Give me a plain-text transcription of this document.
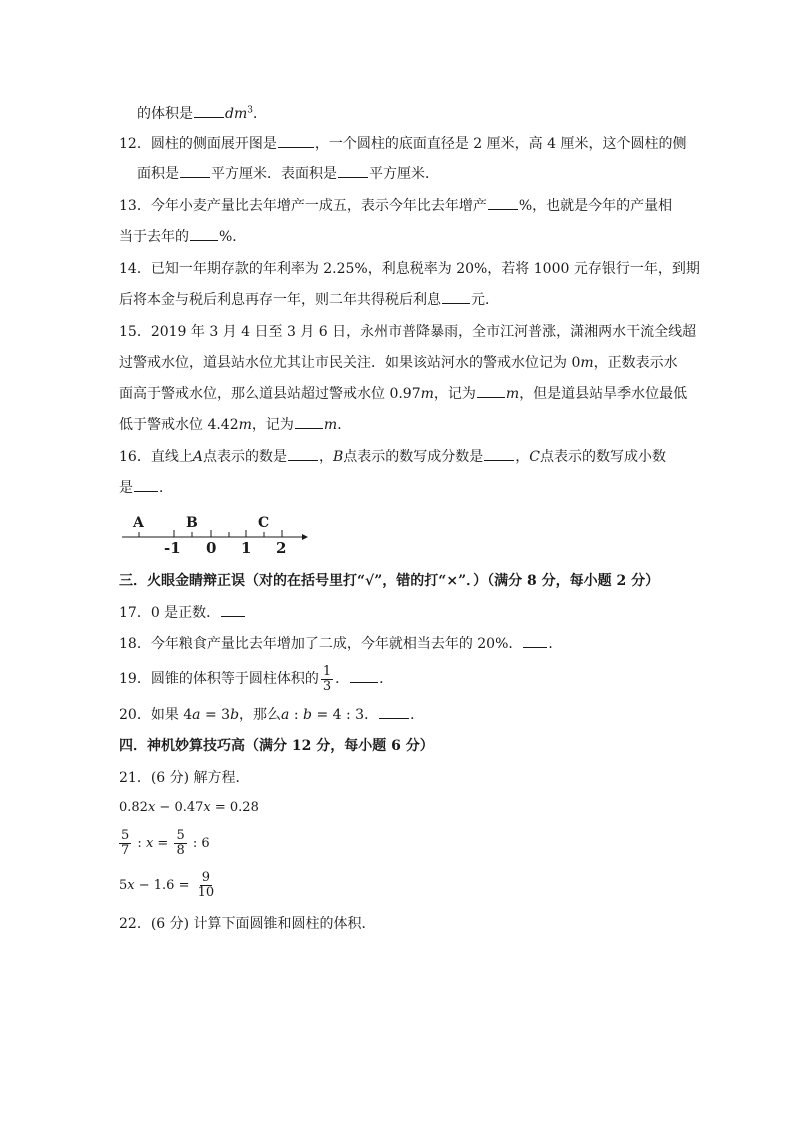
的体积是 $dm^3$．
12．圆柱的侧面展开图是	，一个圆柱的底面直径是 2 厘米，高 4 厘米，这个圆柱的侧
面积是 平方厘米．表面积是 平方厘米．
13．今年小麦产量比去年增产一成五，表示今年比去年增产 %，也就是今年的产量相
当于去年的 %．
14．已知一年期存款的年利率为 2.25%，利息税率为 20%，若将 1000 元存银行一年，到期
后将本金与税后利息再存一年，则二年共得税后利息 元．
15．2019 年 3 月 4 日至 3 月 6 日，永州市普降暴雨，全市江河普涨，潇湘两水干流全线超
过警戒水位，道县站水位尤其让市民关注．如果该站河水的警戒水位记为 0m，正数表示水
面高于警戒水位，那么道县站超过警戒水位 0.97m，记为 m，但是道县站旱季水位最低
低于警戒水位 4.42m，记为 m．
16．直线上A点表示的数是 ，B点表示的数写成分数是 ，C点表示的数写成小数
是 ．
A	B	C
-1 0 1 2
三．火眼金睛辩正误（对的在括号里打“√”，错的打“×”．）（满分 8 分，每小题 2 分）
17．0 是正数．
18．今年粮食产量比去年增加了二成，今年就相当去年的 20%． ．
19．圆锥的体积等于圆柱体积的 $\frac{1}{3}$ ． ．
20．如果 4a = 3b，那么a : b = 4 : 3． ．
四．神机妙算技巧高（满分 12 分，每小题 6 分）
21．(6 分) 解方程．
0.82x − 0.47x = 0.28
$\frac{5}{7}$ : $x = \frac{5}{8}$ : 6
$5x - 1.6 = \frac{9}{10}$
22．(6 分) 计算下面圆锥和圆柱的体积．
